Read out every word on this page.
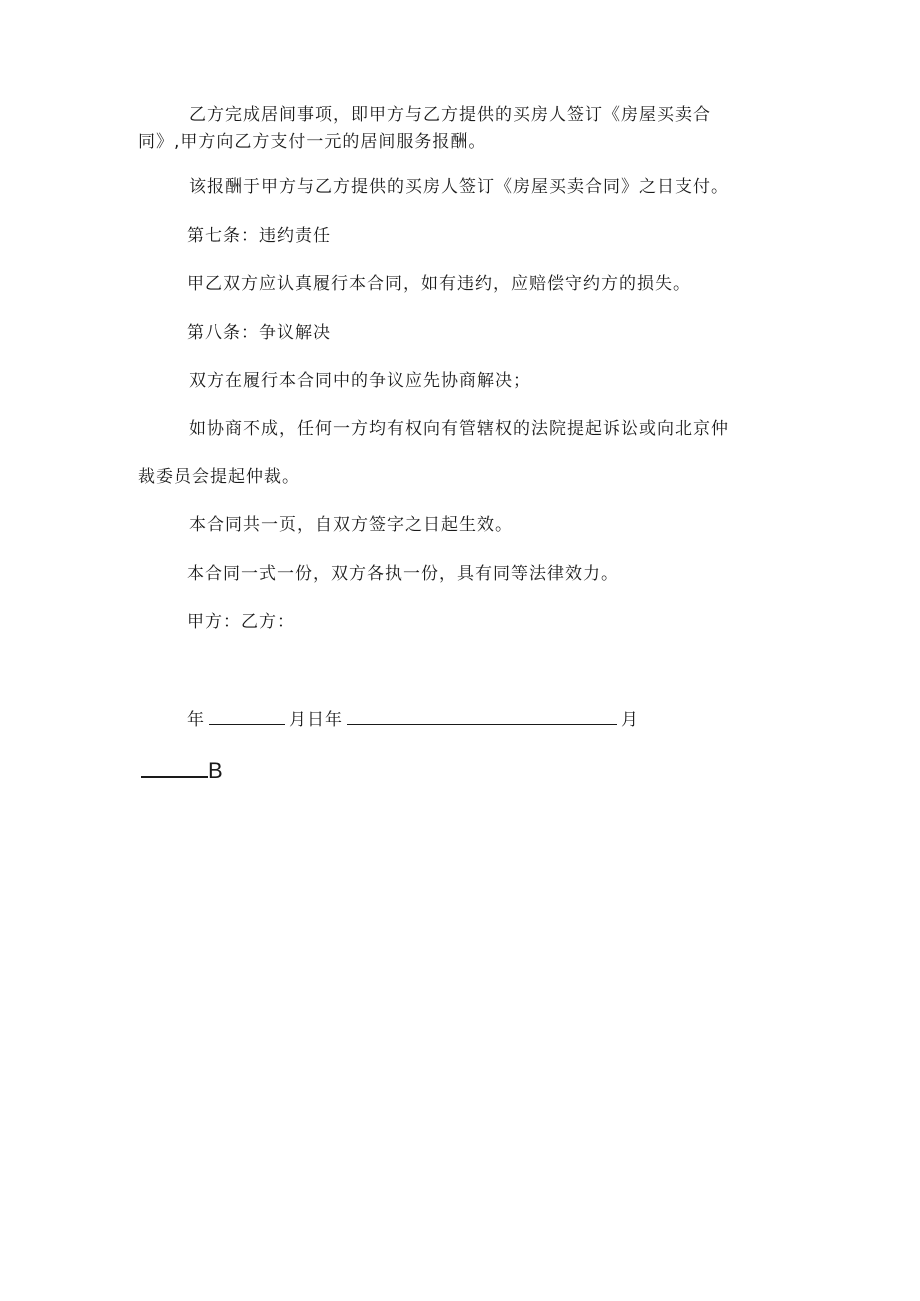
乙方完成居间事项，即甲方与乙方提供的买房人签订《房屋买卖合
同》,甲方向乙方支付一元的居间服务报酬。
该报酬于甲方与乙方提供的买房人签订《房屋买卖合同》之日支付。
第七条：违约责任
甲乙双方应认真履行本合同，如有违约，应赔偿守约方的损失。
第八条：争议解决
双方在履行本合同中的争议应先协商解决；
如协商不成，任何一方均有权向有管辖权的法院提起诉讼或向北京仲
裁委员会提起仲裁。
本合同共一页，自双方签字之日起生效。
本合同一式一份，双方各执一份，具有同等法律效力。
甲方：乙方：
年	月日年	月
B
